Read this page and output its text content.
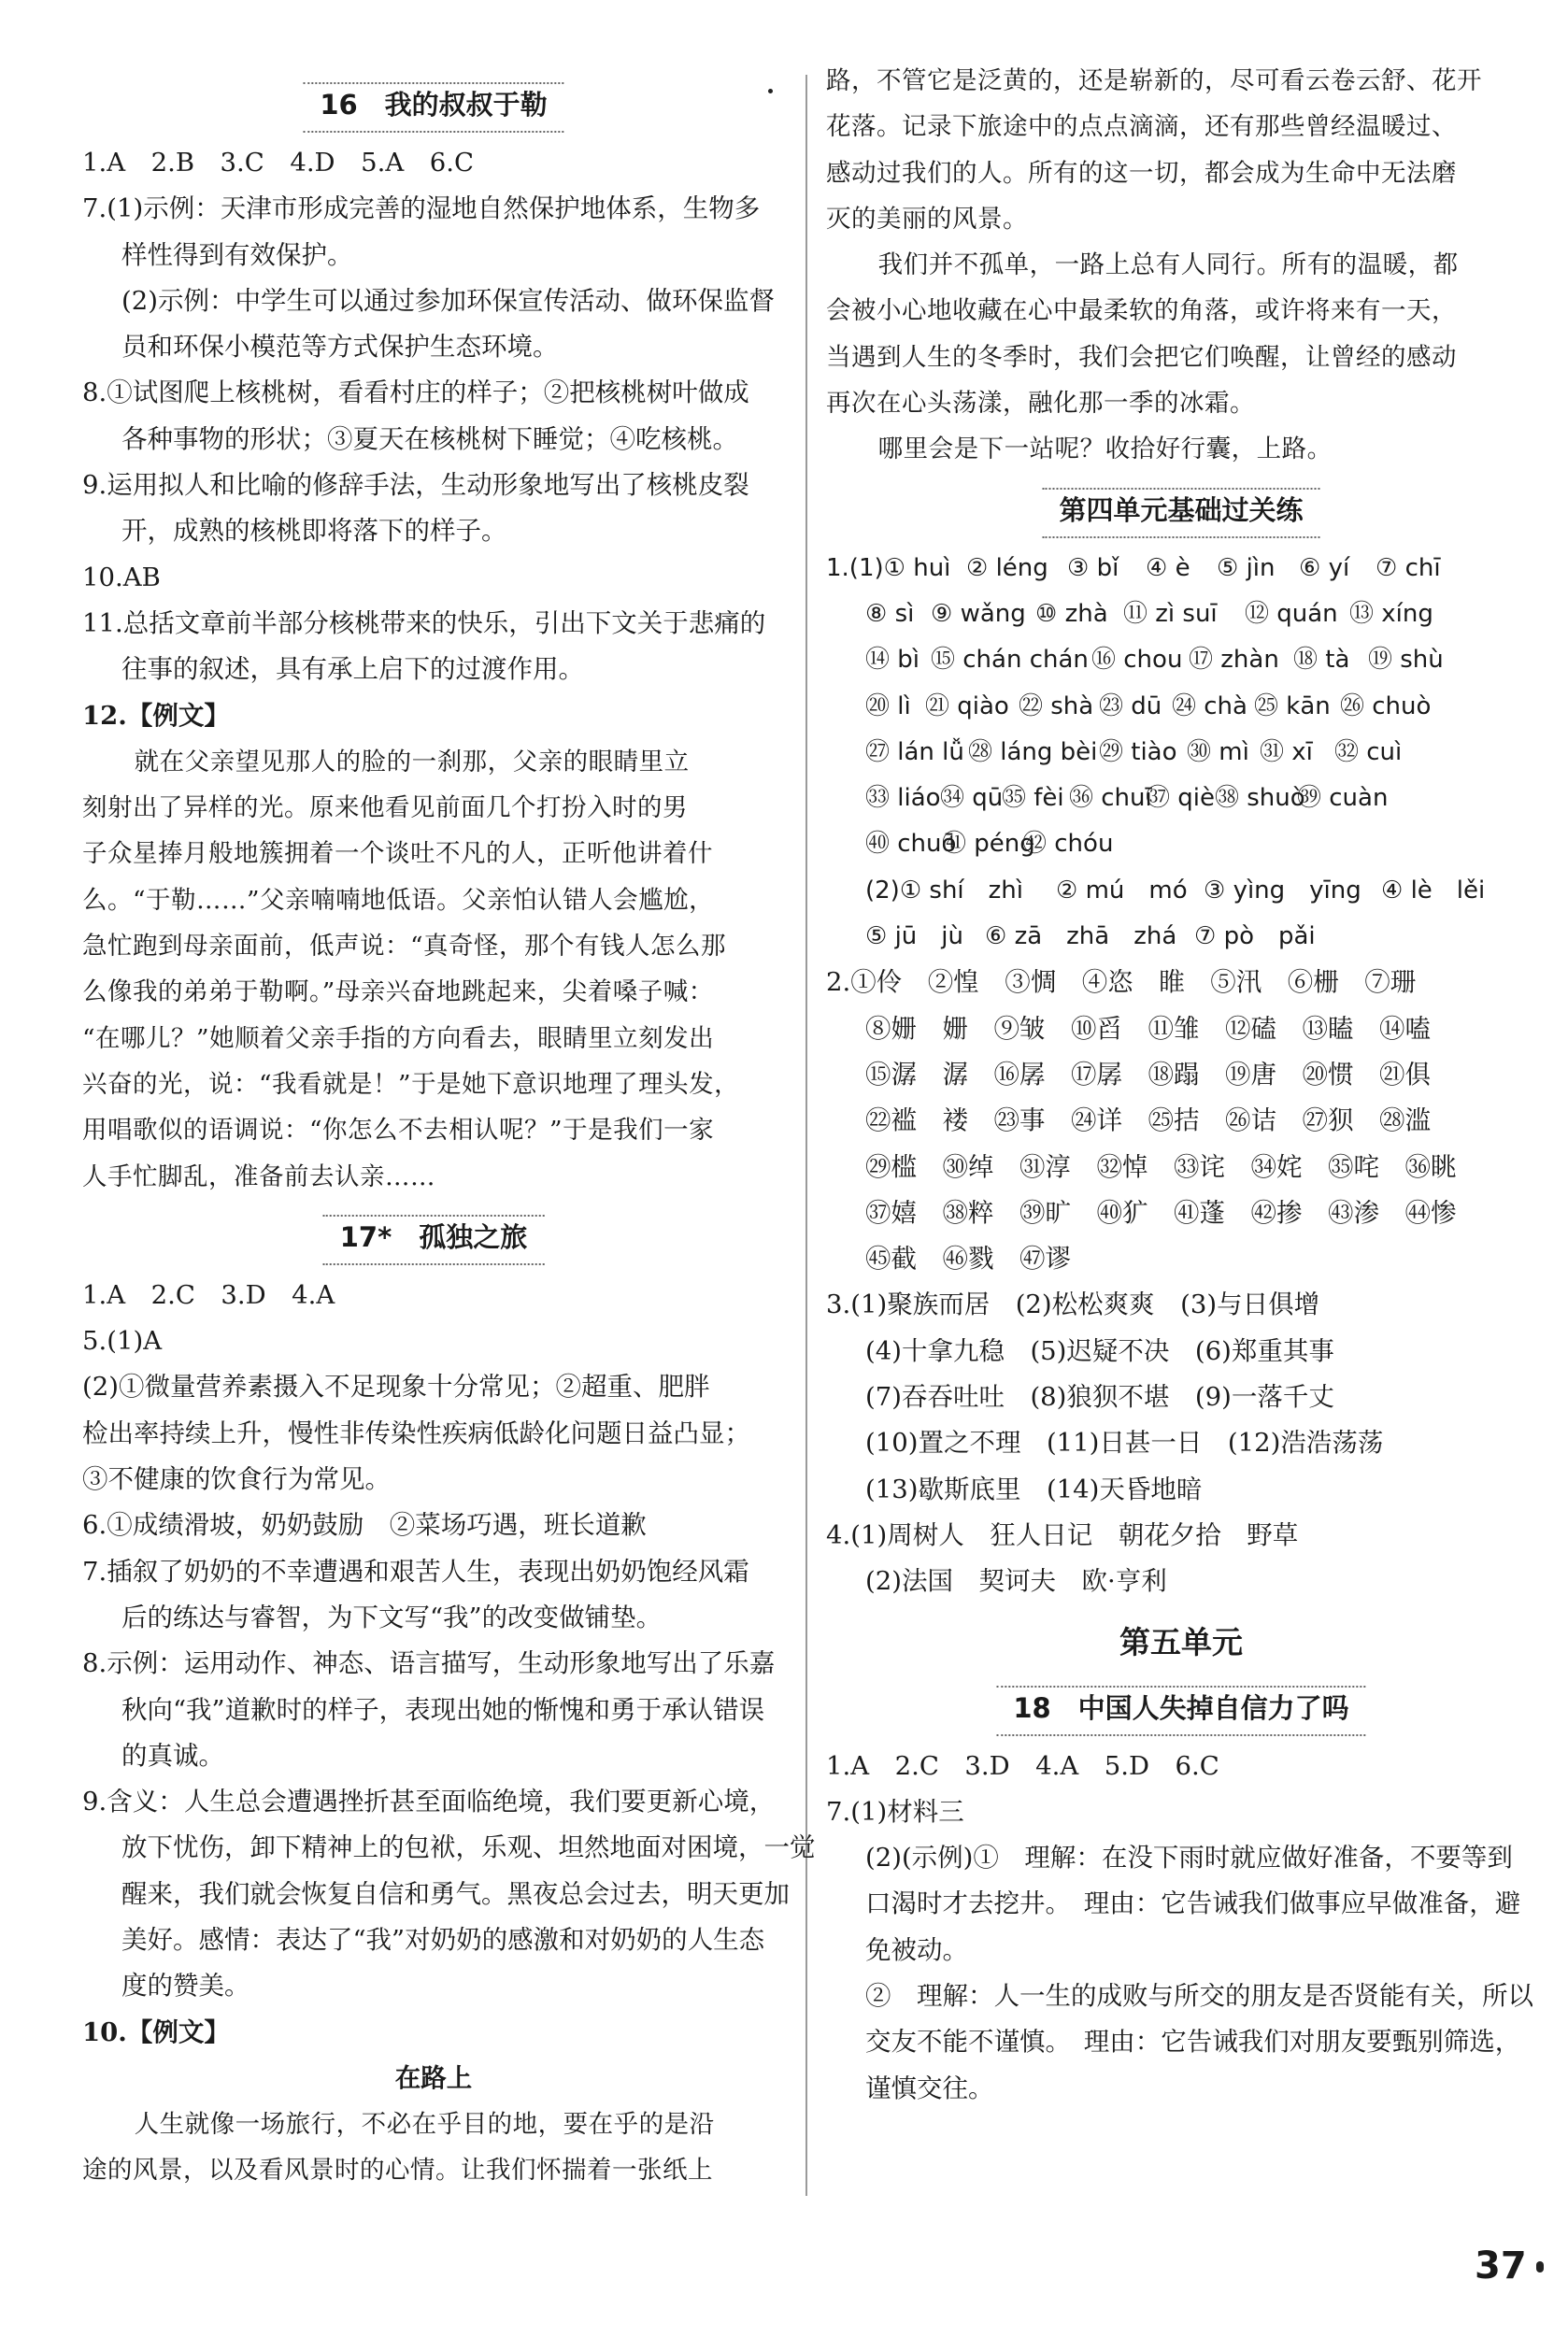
16　我的叔叔于勒
1.A　2.B　3.C　4.D　5.A　6.C
7.(1)示例：天津市形成完善的湿地自然保护地体系，生物多
样性得到有效保护。
(2)示例：中学生可以通过参加环保宣传活动、做环保监督
员和环保小模范等方式保护生态环境。
8.①试图爬上核桃树，看看村庄的样子；②把核桃树叶做成
各种事物的形状；③夏天在核桃树下睡觉；④吃核桃。
9.运用拟人和比喻的修辞手法，生动形象地写出了核桃皮裂
开，成熟的核桃即将落下的样子。
10.AB
11.总括文章前半部分核桃带来的快乐，引出下文关于悲痛的
往事的叙述，具有承上启下的过渡作用。
12.【例文】
就在父亲望见那人的脸的一刹那，父亲的眼睛里立
刻射出了异样的光。原来他看见前面几个打扮入时的男
子众星捧月般地簇拥着一个谈吐不凡的人，正听他讲着什
么。“于勒……”父亲喃喃地低语。父亲怕认错人会尴尬，
急忙跑到母亲面前，低声说：“真奇怪，那个有钱人怎么那
么像我的弟弟于勒啊。”母亲兴奋地跳起来，尖着嗓子喊：
“在哪儿？”她顺着父亲手指的方向看去，眼睛里立刻发出
兴奋的光，说：“我看就是！”于是她下意识地理了理头发，
用唱歌似的语调说：“你怎么不去相认呢？”于是我们一家
人手忙脚乱，准备前去认亲……
17*　孤独之旅
1.A　2.C　3.D　4.A
5.(1)A
(2)①微量营养素摄入不足现象十分常见；②超重、肥胖
检出率持续上升，慢性非传染性疾病低龄化问题日益凸显；
③不健康的饮食行为常见。
6.①成绩滑坡，奶奶鼓励　②菜场巧遇，班长道歉
7.插叙了奶奶的不幸遭遇和艰苦人生，表现出奶奶饱经风霜
后的练达与睿智，为下文写“我”的改变做铺垫。
8.示例：运用动作、神态、语言描写，生动形象地写出了乐嘉
秋向“我”道歉时的样子，表现出她的惭愧和勇于承认错误
的真诚。
9.含义：人生总会遭遇挫折甚至面临绝境，我们要更新心境，
放下忧伤，卸下精神上的包袱，乐观、坦然地面对困境，一觉
醒来，我们就会恢复自信和勇气。黑夜总会过去，明天更加
美好。感情：表达了“我”对奶奶的感激和对奶奶的人生态
度的赞美。
10.【例文】
在路上
人生就像一场旅行，不必在乎目的地，要在乎的是沿
途的风景，以及看风景时的心情。让我们怀揣着一张纸上
路，不管它是泛黄的，还是崭新的，尽可看云卷云舒、花开
花落。记录下旅途中的点点滴滴，还有那些曾经温暖过、
感动过我们的人。所有的这一切，都会成为生命中无法磨
灭的美丽的风景。
我们并不孤单，一路上总有人同行。所有的温暖，都
会被小心地收藏在心中最柔软的角落，或许将来有一天，
当遇到人生的冬季时，我们会把它们唤醒，让曾经的感动
再次在心头荡漾，融化那一季的冰霜。
哪里会是下一站呢？收拾好行囊，上路。
第四单元基础过关练
1.(1)① huì ② léng ③ bǐ ④ è ⑤ jìn ⑥ yí ⑦ chī
⑧ sì ⑨ wǎng ⑩ zhà ⑪ zì suī ⑫ quán ⑬ xíng
⑭ bì ⑮ chán chán ⑯ chou ⑰ zhàn ⑱ tà ⑲ shù
⑳ lì ㉑ qiào ㉒ shà ㉓ dū ㉔ chà ㉕ kān ㉖ chuò
㉗ lán lǚ ㉘ láng bèi㉙ tiào ㉚ mì ㉛ xī ㉜ cuì
㉝ liáo㉞ qū㉟ fèi ㊱ chuī㊲ qiè㊳ shuò㊴ cuàn
㊵ chuō㊶ péng㊷ chóu
(2)① shí　zhì ② mú　mó ③ yìng　yīng ④ lè　lěi
⑤ jū　jù ⑥ zā　zhā　zhá ⑦ pò　pǎi
2.①伶　②惶　③惆　④恣　睢　⑤汛　⑥栅　⑦珊
⑧姗　姗　⑨皱　⑩舀　⑪雏　⑫磕　⑬瞌　⑭嗑
⑮潺　潺　⑯孱　⑰孱　⑱蹋　⑲唐　⑳惯　㉑俱
㉒褴　褛　㉓事　㉔详　㉕拮　㉖诘　㉗狈　㉘滥
㉙槛　㉚绰　㉛淳　㉜悼　㉝诧　㉞姹　㉟咤　㊱眺
㊲嬉　㊳粹　㊴旷　㊵犷　㊶蓬　㊷掺　㊸渗　㊹惨
㊺截　㊻戮　㊼谬
3.(1)聚族而居　(2)松松爽爽　(3)与日俱增
(4)十拿九稳　(5)迟疑不决　(6)郑重其事
(7)吞吞吐吐　(8)狼狈不堪　(9)一落千丈
(10)置之不理　(11)日甚一日　(12)浩浩荡荡
(13)歇斯底里　(14)天昏地暗
4.(1)周树人　狂人日记　朝花夕拾　野草
(2)法国　契诃夫　欧·亨利
第五单元
18　中国人失掉自信力了吗
1.A　2.C　3.D　4.A　5.D　6.C
7.(1)材料三
(2)(示例)①　理解：在没下雨时就应做好准备，不要等到
口渴时才去挖井。　理由：它告诫我们做事应早做准备，避
免被动。
②　理解：人一生的成败与所交的朋友是否贤能有关，所以
交友不能不谨慎。　理由：它告诫我们对朋友要甄别筛选，
谨慎交往。
37
